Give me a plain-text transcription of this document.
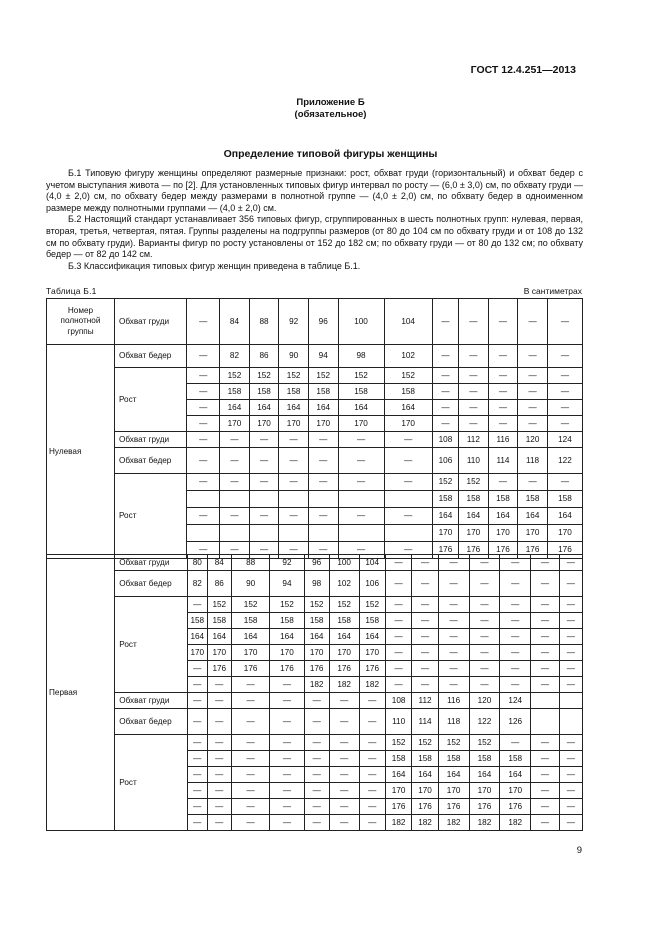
ГОСТ 12.4.251—2013
Приложение Б
(обязательное)
Определение типовой фигуры женщины

Б.1 Типовую фигуру женщины определяют размерные признаки: рост, обхват груди (горизонтальный) и обхват бедер с учетом выступания живота — по [2]. Для установленных типовых фигур интервал по росту — (6,0 ± 3,0) см, по обхвату груди — (4,0 ± 2,0) см, по обхвату бедер между размерами в полнотной группе — (4,0 ± 2,0) см, по обхвату бедер в одноименном размере между полнотными группами — (4,0 ± 2,0) см.

Б.2 Настоящий стандарт устанавливает 356 типовых фигур, сгруппированных в шесть полнотных групп: нулевая, первая, вторая, третья, четвертая, пятая. Группы разделены на подгруппы размеров (от 80 до 104 см по обхвату груди и от 108 до 132 см по обхвату груди). Варианты фигур по росту установлены от 152 до 182 см; по обхвату груди — от 80 до 132 см; по обхвату бедер — от 82 до 142 см.

Б.3 Классификация типовых фигур женщин приведена в таблице Б.1.

Таблица Б.1	В сантиметрах
Номер полнотной группы	Обхват груди	—	84	88	92	96	100	104	—	—	—	—	—
Нулевая	Обхват бедер	—	82	86	90	94	98	102	—	—	—	—	—
	Рост	—	152	152	152	152	152	152	—	—	—	—	—
		—	158	158	158	158	158	158	—	—	—	—	—
		—	164	164	164	164	164	164	—	—	—	—	—
		—	170	170	170	170	170	170	—	—	—	—	—
	Обхват груди	—	—	—	—	—	—	—	108	112	116	120	124
	Обхват бедер	—	—	—	—	—	—	—	106	110	114	118	122
	Рост	—	—	—	—	—	—	—	152	152	—	—	—
									158	158	158	158	158
		—	—	—	—	—	—	—	164	164	164	164	164
									170	170	170	170	170
		—	—	—	—	—	—	—	176	176	176	176	176
Первая	Обхват груди	80	84	88	92	96	100	104	—	—	—	—	—	—	—
	Обхват бедер	82	86	90	94	98	102	106	—	—	—	—	—	—	—
	Рост	—	152	152	152	152	152	152	—	—	—	—	—	—	—
		158	158	158	158	158	158	158	—	—	—	—	—	—	—
		164	164	164	164	164	164	164	—	—	—	—	—	—	—
		170	170	170	170	170	170	170	—	—	—	—	—	—	—
		—	176	176	176	176	176	176	—	—	—	—	—	—	—
		—	—	—	—	182	182	182	—	—	—	—	—	—	—
	Обхват груди	—	—	—	—	—	—	—	108	112	116	120	124		
	Обхват бедер	—	—	—	—	—	—	—	110	114	118	122	126		
	Рост	—	—	—	—	—	—	—	152	152	152	152	—	—	—
		—	—	—	—	—	—	—	158	158	158	158	158	—	—
		—	—	—	—	—	—	—	164	164	164	164	164	—	—
		—	—	—	—	—	—	—	170	170	170	170	170	—	—
		—	—	—	—	—	—	—	176	176	176	176	176	—	—
		—	—	—	—	—	—	—	182	182	182	182	182	—	—
9
